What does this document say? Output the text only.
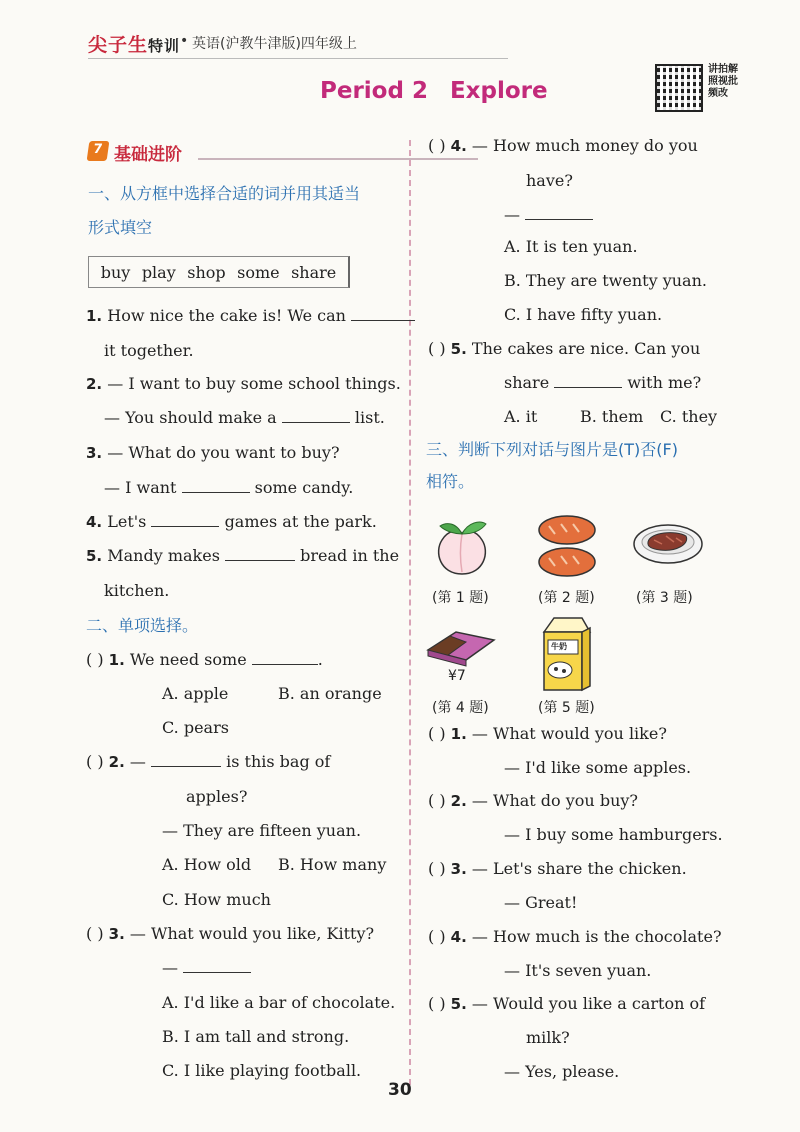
尖子生特训 • 英语(沪教牛津版)四年级上
Period 2 Explore
讲拍解照视批频改
7 基础进阶
一、从方框中选择合适的词并用其适当
形式填空
buy play shop some share
1. How nice the cake is! We can
it together.
2. — I want to buy some school things.
— You should make a	list.
3. — What do you want to buy?
— I want	some candy.
4. Let's	games at the park.
5. Mandy makes	bread in the
kitchen.
二、单项选择。
( ) 1. We need some	.
A. apple	B. an orange
C. pears
( ) 2. —	is this bag of
apples?
— They are fifteen yuan.
A. How old B. How many
C. How much
( ) 3. — What would you like, Kitty?
—
A. I'd like a bar of chocolate.
B. I am tall and strong.
C. I like playing football.
( ) 4. — How much money do you
have?
—
A. It is ten yuan.
B. They are twenty yuan.
C. I have fifty yuan.
( ) 5. The cakes are nice. Can you
share	with me?
A. it	B. them C. they
三、判断下列对话与图片是(T)否(F)
相符。
(第 1 题)	(第 2 题)	(第 3 题)
¥7
(第 4 题)
牛奶
(第 5 题)
( ) 1. — What would you like?
— I'd like some apples.
( ) 2. — What do you buy?
— I buy some hamburgers.
( ) 3. — Let's share the chicken.
— Great!
( ) 4. — How much is the chocolate?
— It's seven yuan.
( ) 5. — Would you like a carton of
milk?
— Yes, please.
30
